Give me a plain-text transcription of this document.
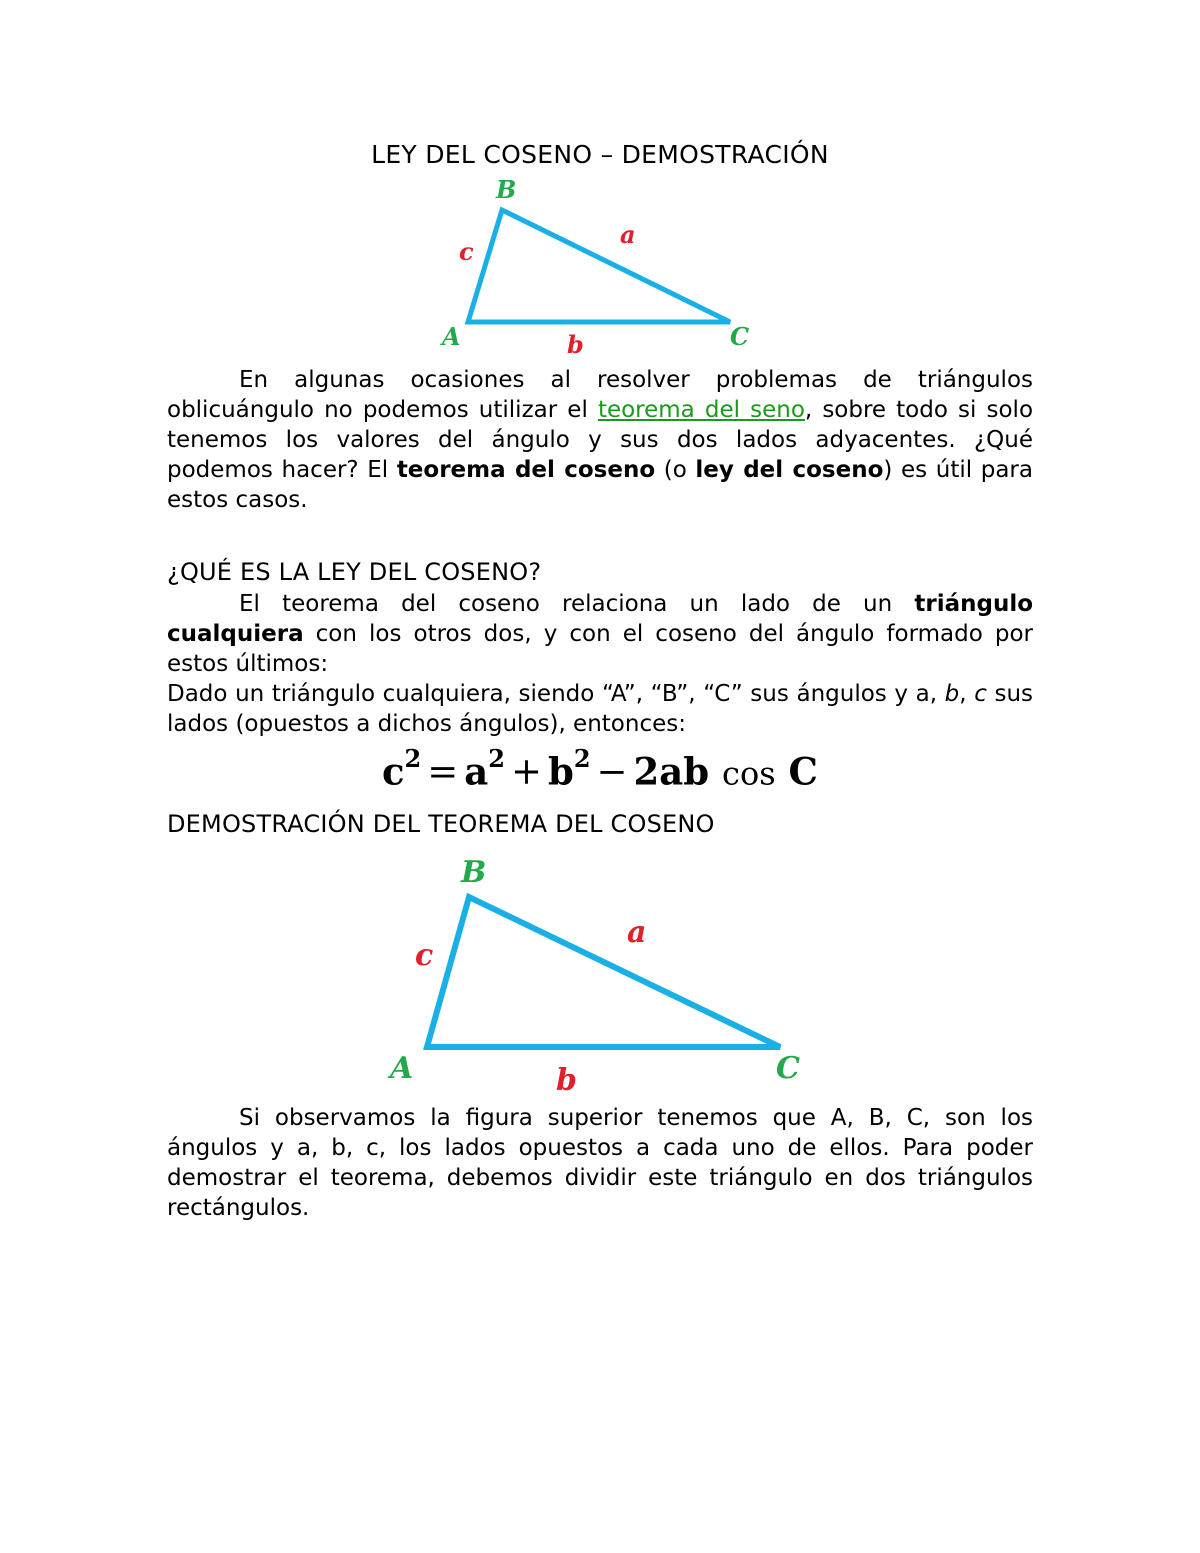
LEY DEL COSENO – DEMOSTRACIÓN
B
A	C
a
b
c
En algunas ocasiones al resolver problemas de triángulos oblicuángulo no podemos utilizar el teorema del seno, sobre todo si solo tenemos los valores del ángulo y sus dos lados adyacentes. ¿Qué podemos hacer? El teorema del coseno (o ley del coseno) es útil para estos casos.
¿QUÉ ES LA LEY DEL COSENO?
El teorema del coseno relaciona un lado de un triángulo cualquiera con los otros dos, y con el coseno del ángulo formado por estos últimos:
Dado un triángulo cualquiera, siendo “A”, “B”, “C” sus ángulos y a, b, c sus lados (opuestos a dichos ángulos), entonces:
$c^2 = a^2 + b^2 - 2ab$ cos C
DEMOSTRACIÓN DEL TEOREMA DEL COSENO
B
A	C
a
b
c
Si observamos la figura superior tenemos que A, B, C, son los ángulos y a, b, c, los lados opuestos a cada uno de ellos. Para poder demostrar el teorema, debemos dividir este triángulo en dos triángulos rectángulos.
